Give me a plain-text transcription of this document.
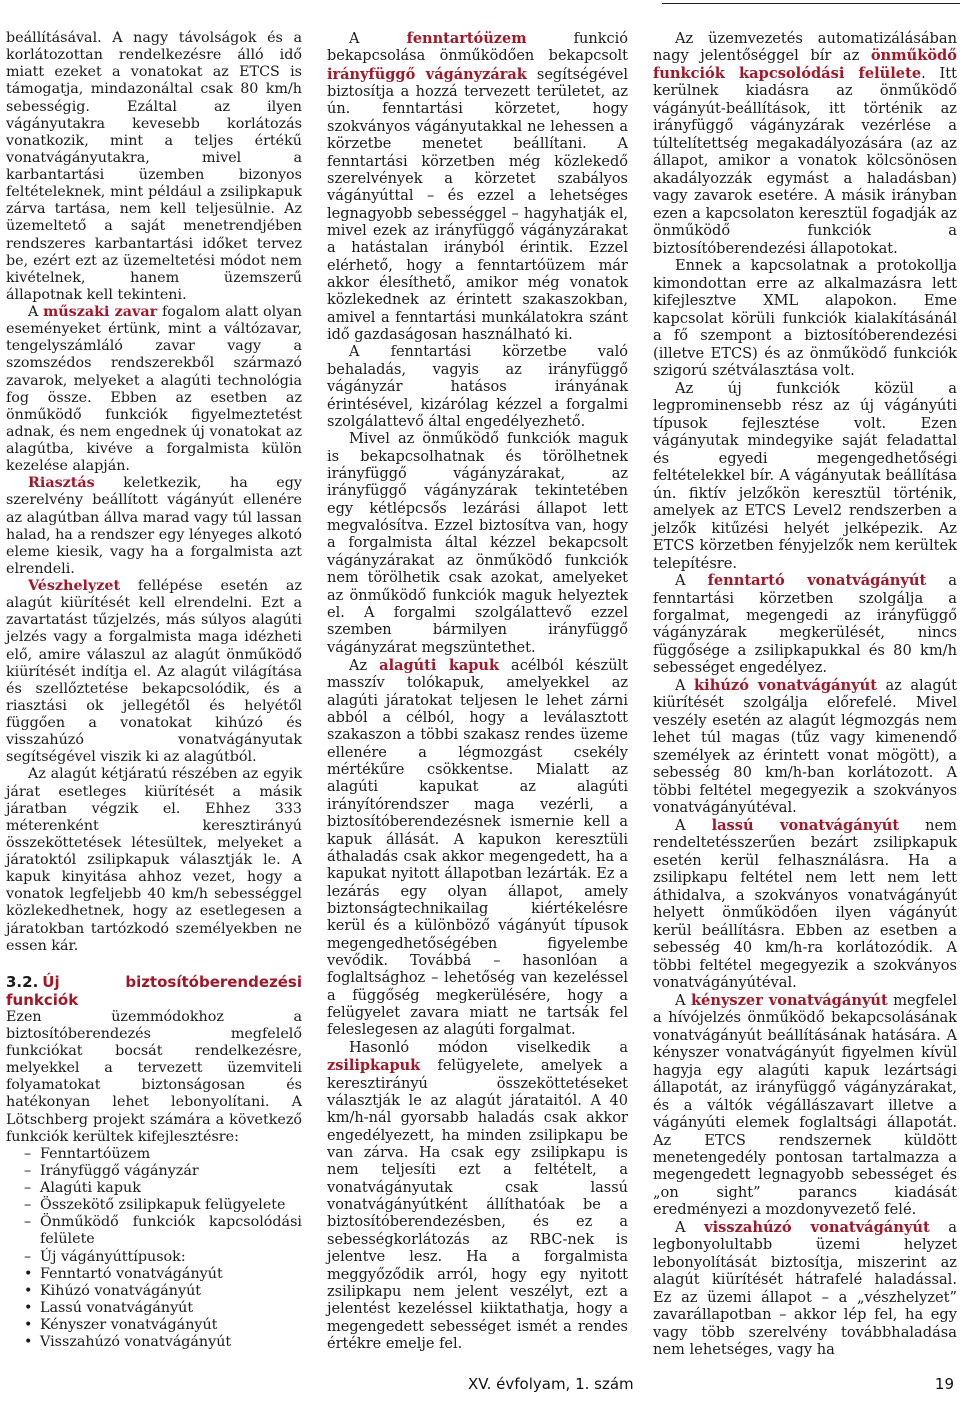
beállításával. A nagy távolságok és a korlátozottan rendelkezésre álló idő miatt ezeket a vonatokat az ETCS is támogatja, mindazonáltal csak 80 km/h sebességig. Ezáltal az ilyen vágányutakra kevesebb korlátozás vonatkozik, mint a teljes értékű vonatvágányutakra, mivel a karbantartási üzemben bizonyos feltételeknek, mint például a zsilipkapuk zárva tartása, nem kell teljesülnie. Az üzemeltető a saját menetrendjében rendszeres karbantartási időket tervez be, ezért ezt az üzemeltetési módot nem kivételnek, hanem üzemszerű állapotnak kell tekinteni.

A műszaki zavar fogalom alatt olyan eseményeket értünk, mint a váltózavar, tengelyszámláló zavar vagy a szomszédos rendszerekből származó zavarok, melyeket a alagúti technológia fog össze. Ebben az esetben az önműködő funkciók figyelmeztetést adnak, és nem engednek új vonatokat az alagútba, kivéve a forgalmista külön kezelése alapján.

Riasztás keletkezik, ha egy szerelvény beállított vágányút ellenére az alagútban állva marad vagy túl lassan halad, ha a rendszer egy lényeges alkotó eleme kiesik, vagy ha a forgalmista azt elrendeli.

Vészhelyzet fellépése esetén az alagút kiürítését kell elrendelni. Ezt a zavartatást tűzjelzés, más súlyos alagúti jelzés vagy a forgalmista maga idézheti elő, amire válaszul az alagút önműködő kiürítését indítja el. Az alagút világítása és szellőztetése bekapcsolódik, és a riasztási ok jellegétől és helyétől függően a vonatokat kihúzó és visszahúzó vonatvágányutak segítségével viszik ki az alagútból.

Az alagút kétjáratú részében az egyik járat esetleges kiürítését a másik járatban végzik el. Ehhez 333 méterenként keresztirányú összeköttetések létesültek, melyeket a járatoktól zsilipkapuk választják le. A kapuk kinyitása ahhoz vezet, hogy a vonatok legfeljebb 40 km/h sebességgel közlekedhetnek, hogy az esetlegesen a járatokban tartózkodó személyekben ne essen kár.

3.2. Új biztosítóberendezési funkciók

Ezen üzemmódokhoz a biztosítóberendezés megfelelő funkciókat bocsát rendelkezésre, melyekkel a tervezett üzemviteli folyamatokat biztonságosan és hatékonyan lehet lebonyolítani. A Lötschberg projekt számára a következő funkciók kerültek kifejlesztésre:

– Fenntartóüzem
– Irányfüggő vágányzár
– Alagúti kapuk
– Összekötő zsilipkapuk felügyelete
– Önműködő funkciók kapcsolódási felülete
– Új vágányúttípusok:
• Fenntartó vonatvágányút
• Kihúzó vonatvágányút
• Lassú vonatvágányút
• Kényszer vonatvágányút
• Visszahúzó vonatvágányút

A fenntartóüzem funkció bekapcsolása önműködően bekapcsolt irányfüggő vágányzárak segítségével biztosítja a hozzá tervezett területet, az ún. fenntartási körzetet, hogy szokványos vágányutakkal ne lehessen a körzetbe menetet beállítani. A fenntartási körzetben még közlekedő szerelvények a körzetet szabályos vágányúttal – és ezzel a lehetséges legnagyobb sebességgel – hagyhatják el, mivel ezek az irányfüggő vágányzárakat a hatástalan irányból érintik. Ezzel elérhető, hogy a fenntartóüzem már akkor élesíthető, amikor még vonatok közlekednek az érintett szakaszokban, amivel a fenntartási munkálatokra szánt idő gazdaságosan használható ki.

A fenntartási körzetbe való behaladás, vagyis az irányfüggő vágányzár hatásos irányának érintésével, kizárólag kézzel a forgalmi szolgálattevő által engedélyezhető.

Mivel az önműködő funkciók maguk is bekapcsolhatnak és törölhetnek irányfüggő vágányzárakat, az irányfüggő vágányzárak tekintetében egy kétlépcsős lezárási állapot lett megvalósítva. Ezzel biztosítva van, hogy a forgalmista által kézzel bekapcsolt vágányzárakat az önműködő funkciók nem törölhetik csak azokat, amelyeket az önműködő funkciók maguk helyeztek el. A forgalmi szolgálattevő ezzel szemben bármilyen irányfüggő vágányzárat megszüntethet.

Az alagúti kapuk acélból készült masszív tolókapuk, amelyekkel az alagúti járatokat teljesen le lehet zárni abból a célból, hogy a leválasztott szakaszon a többi szakasz rendes üzeme ellenére a légmozgást csekély mértékűre csökkentse. Mialatt az alagúti kapukat az alagúti irányítórendszer maga vezérli, a biztosítóberendezésnek ismernie kell a kapuk állását. A kapukon keresztüli áthaladás csak akkor megengedett, ha a kapukat nyitott állapotban lezárták. Ez a lezárás egy olyan állapot, amely biztonságtechnikailag kiértékelésre kerül és a különböző vágányút típusok megengedhetőségében figyelembe vevődik. Továbbá – hasonlóan a foglaltsághoz – lehetőség van kezeléssel a függőség megkerülésére, hogy a felügyelet zavara miatt ne tartsák fel feleslegesen az alagúti forgalmat.

Hasonló módon viselkedik a zsilipkapuk felügyelete, amelyek a keresztirányú összeköttetéseket választják le az alagút járataitól. A 40 km/h-nál gyorsabb haladás csak akkor engedélyezett, ha minden zsilipkapu be van zárva. Ha csak egy zsilipkapu is nem teljesíti ezt a feltételt, a vonatvágányutak csak lassú vonatvágányútként állíthatóak be a biztosítóberendezésben, és ez a sebességkorlátozás az RBC-nek is jelentve lesz. Ha a forgalmista meggyőződik arról, hogy egy nyitott zsilipkapu nem jelent veszélyt, ezt a jelentést kezeléssel kiiktathatja, hogy a megengedett sebességet ismét a rendes értékre emelje fel.

Az üzemvezetés automatizálásában nagy jelentőséggel bír az önműködő funkciók kapcsolódási felülete. Itt kerülnek kiadásra az önműködő vágányút-beállítások, itt történik az irányfüggő vágányzárak vezérlése a túltelítettség megakadályozására (az az állapot, amikor a vonatok kölcsönösen akadályozzák egymást a haladásban) vagy zavarok esetére. A másik irányban ezen a kapcsolaton keresztül fogadják az önműködő funkciók a biztosítóberendezési állapotokat.

Ennek a kapcsolatnak a protokollja kimondottan erre az alkalmazásra lett kifejlesztve XML alapokon. Eme kapcsolat körüli funkciók kialakításánál a fő szempont a biztosítóberendezési (illetve ETCS) és az önműködő funkciók szigorú szétválasztása volt.

Az új funkciók közül a legprominensebb rész az új vágányúti típusok fejlesztése volt. Ezen vágányutak mindegyike saját feladattal és egyedi megengedhetőségi feltételekkel bír. A vágányutak beállítása ún. fiktív jelzőkön keresztül történik, amelyek az ETCS Level2 rendszerben a jelzők kitűzési helyét jelképezik. Az ETCS körzetben fényjelzők nem kerültek telepítésre.

A fenntartó vonatvágányút a fenntartási körzetben szolgálja a forgalmat, megengedi az irányfüggő vágányzárak megkerülését, nincs függősége a zsilipkapukkal és 80 km/h sebességet engedélyez.

A kihúzó vonatvágányút az alagút kiürítését szolgálja előrefelé. Mivel veszély esetén az alagút légmozgás nem lehet túl magas (tűz vagy kimenendő személyek az érintett vonat mögött), a sebesség 80 km/h-ban korlátozott. A többi feltétel megegyezik a szokványos vonatvágányútéval.

A lassú vonatvágányút nem rendeltetésszerűen bezárt zsilipkapuk esetén kerül felhasználásra. Ha a zsilipkapu feltétel nem lett nem lett áthidalva, a szokványos vonatvágányút helyett önműködően ilyen vágányút kerül beállításra. Ebben az esetben a sebesség 40 km/h-ra korlátozódik. A többi feltétel megegyezik a szokványos vonatvágányútéval.

A kényszer vonatvágányút megfelel a hívójelzés önműködő bekapcsolásának vonatvágányút beállításának hatására. A kényszer vonatvágányút figyelmen kívül hagyja egy alagúti kapuk lezártsági állapotát, az irányfüggő vágányzárakat, és a váltók végállászavart illetve a vágányúti elemek foglaltsági állapotát. Az ETCS rendszernek küldött menetengedély pontosan tartalmazza a megengedett legnagyobb sebességet és „on sight” parancs kiadását eredményezi a mozdonyvezető felé.

A visszahúzó vonatvágányút a legbonyolultabb üzemi helyzet lebonyolítását biztosítja, miszerint az alagút kiürítését hátrafelé haladással. Ez az üzemi állapot – a „vészhelyzet” zavarállapotban – akkor lép fel, ha egy vagy több szerelvény továbbhaladása nem lehetséges, vagy ha

XV. évfolyam, 1. szám	19
